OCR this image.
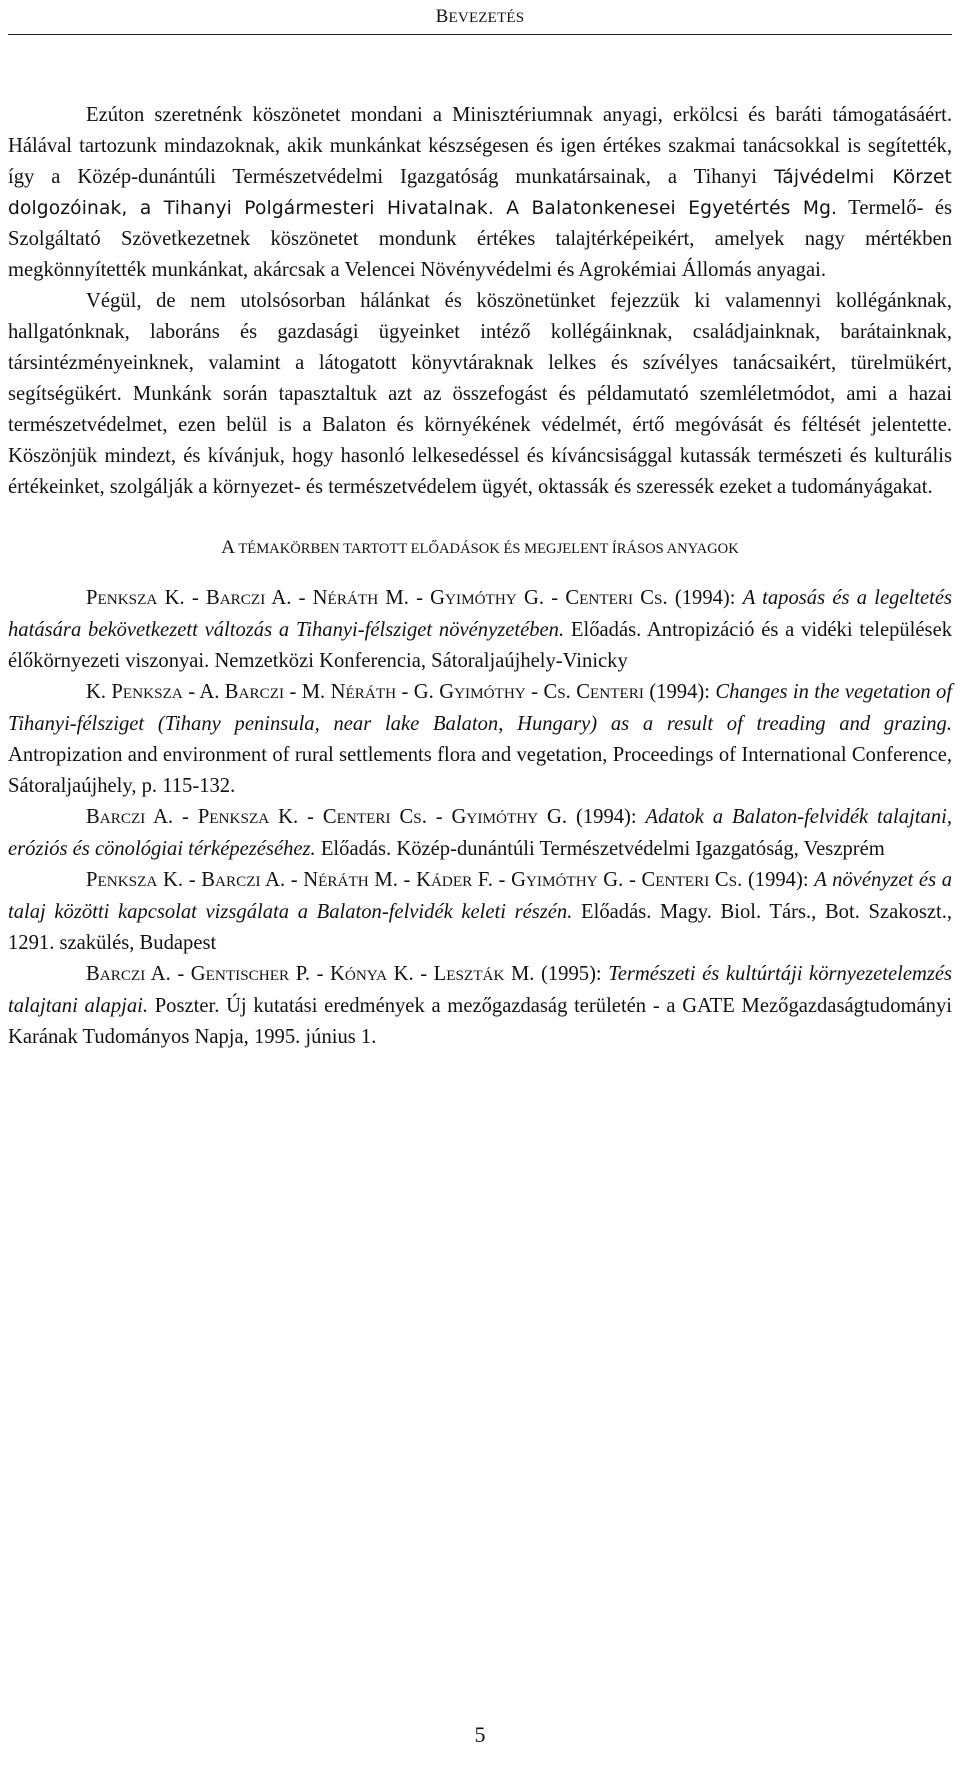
BEVEZETÉS

Ezúton szeretnénk köszönetet mondani a Minisztériumnak anyagi, erkölcsi és baráti támogatásáért. Hálával tartozunk mindazoknak, akik munkánkat készségesen és igen értékes szakmai tanácsokkal is segítették, így a Közép-dunántúli Természetvédelmi Igazgatóság munkatársainak, a Tihanyi Tájvédelmi Körzet dolgozóinak, a Tihanyi Polgármesteri Hivatalnak. A Balatonkenesei Egyetértés Mg. Termelő- és Szolgáltató Szövetkezetnek köszönetet mondunk értékes talajtérképeikért, amelyek nagy mértékben megkönnyítették munkánkat, akárcsak a Velencei Növényvédelmi és Agrokémiai Állomás anyagai.

Végül, de nem utolsósorban hálánkat és köszönetünket fejezzük ki valamennyi kollégánknak, hallgatónknak, laboráns és gazdasági ügyeinket intéző kollégáinknak, családjainknak, barátainknak, társintézményeinknek, valamint a látogatott könyvtáraknak lelkes és szívélyes tanácsaikért, türelmükért, segítségükért. Munkánk során tapasztaltuk azt az összefogást és példamutató szemléletmódot, ami a hazai természetvédelmet, ezen belül is a Balaton és környékének védelmét, értő megóvását és féltését jelentette. Köszönjük mindezt, és kívánjuk, hogy hasonló lelkesedéssel és kíváncsisággal kutassák természeti és kulturális értékeinket, szolgálják a környezet- és természetvédelem ügyét, oktassák és szeressék ezeket a tudományágakat.

A TÉMAKÖRBEN TARTOTT ELŐADÁSOK ÉS MEGJELENT ÍRÁSOS ANYAGOK

PENKSZA K. - BARCZI A. - NÉRÁTH M. - GYIMÓTHY G. - CENTERI CS. (1994): A taposás és a legeltetés hatására bekövetkezett változás a Tihanyi-félsziget növényzetében. Előadás. Antropizáció és a vidéki települések élőkörnyezeti viszonyai. Nemzetközi Konferencia, Sátoraljaújhely-Vinicky

K. PENKSZA - A. BARCZI - M. NÉRÁTH - G. GYIMÓTHY - CS. CENTERI (1994): Changes in the vegetation of Tihanyi-félsziget (Tihany peninsula, near lake Balaton, Hungary) as a result of treading and grazing. Antropization and environment of rural settlements flora and vegetation, Proceedings of International Conference, Sátoraljaújhely, p. 115-132.

BARCZI A. - PENKSZA K. - CENTERI CS. - GYIMÓTHY G. (1994): Adatok a Balaton-felvidék talajtani, eróziós és cönológiai térképezéséhez. Előadás. Közép-dunántúli Természetvédelmi Igazgatóság, Veszprém

PENKSZA K. - BARCZI A. - NÉRÁTH M. - KÁDER F. - GYIMÓTHY G. - CENTERI CS. (1994): A növényzet és a talaj közötti kapcsolat vizsgálata a Balaton-felvidék keleti részén. Előadás. Magy. Biol. Társ., Bot. Szakoszt., 1291. szakülés, Budapest

BARCZI A. - GENTISCHER P. - KÓNYA K. - LESZTÁK M. (1995): Természeti és kultúrtáji környezetelemzés talajtani alapjai. Poszter. Új kutatási eredmények a mezőgazdaság területén - a GATE Mezőgazdaságtudományi Karának Tudományos Napja, 1995. június 1.

5
